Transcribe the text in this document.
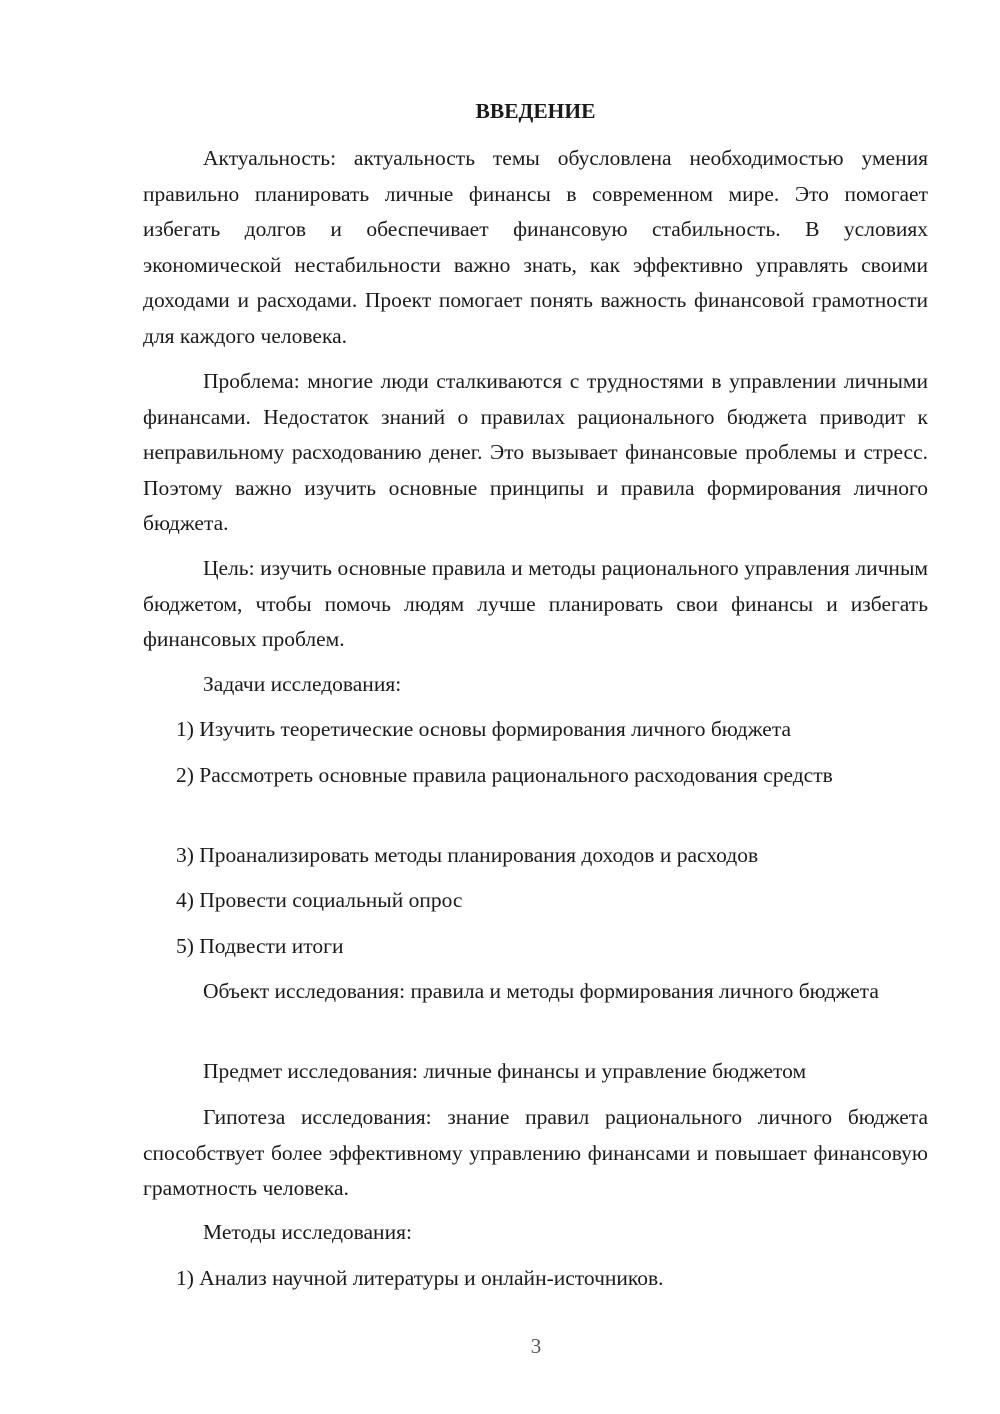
ВВЕДЕНИЕ

Актуальность: актуальность темы обусловлена необходимостью умения правильно планировать личные финансы в современном мире. Это помогает избегать долгов и обеспечивает финансовую стабильность. В условиях экономической нестабильности важно знать, как эффективно управлять своими доходами и расходами. Проект помогает понять важность финансовой грамотности для каждого человека.

Проблема: многие люди сталкиваются с трудностями в управлении личными финансами. Недостаток знаний о правилах рационального бюджета приводит к неправильному расходованию денег. Это вызывает финансовые проблемы и стресс. Поэтому важно изучить основные принципы и правила формирования личного бюджета.

Цель: изучить основные правила и методы рационального управления личным бюджетом, чтобы помочь людям лучше планировать свои финансы и избегать финансовых проблем.

Задачи исследования:

1) Изучить теоретические основы формирования личного бюджета

2) Рассмотреть основные правила рационального расходования средств

3) Проанализировать методы планирования доходов и расходов

4) Провести социальный опрос

5) Подвести итоги

Объект исследования: правила и методы формирования личного бюджета

Предмет исследования: личные финансы и управление бюджетом

Гипотеза исследования: знание правил рационального личного бюджета способствует более эффективному управлению финансами и повышает финансовую грамотность человека.

Методы исследования:

1) Анализ научной литературы и онлайн-источников.

3
